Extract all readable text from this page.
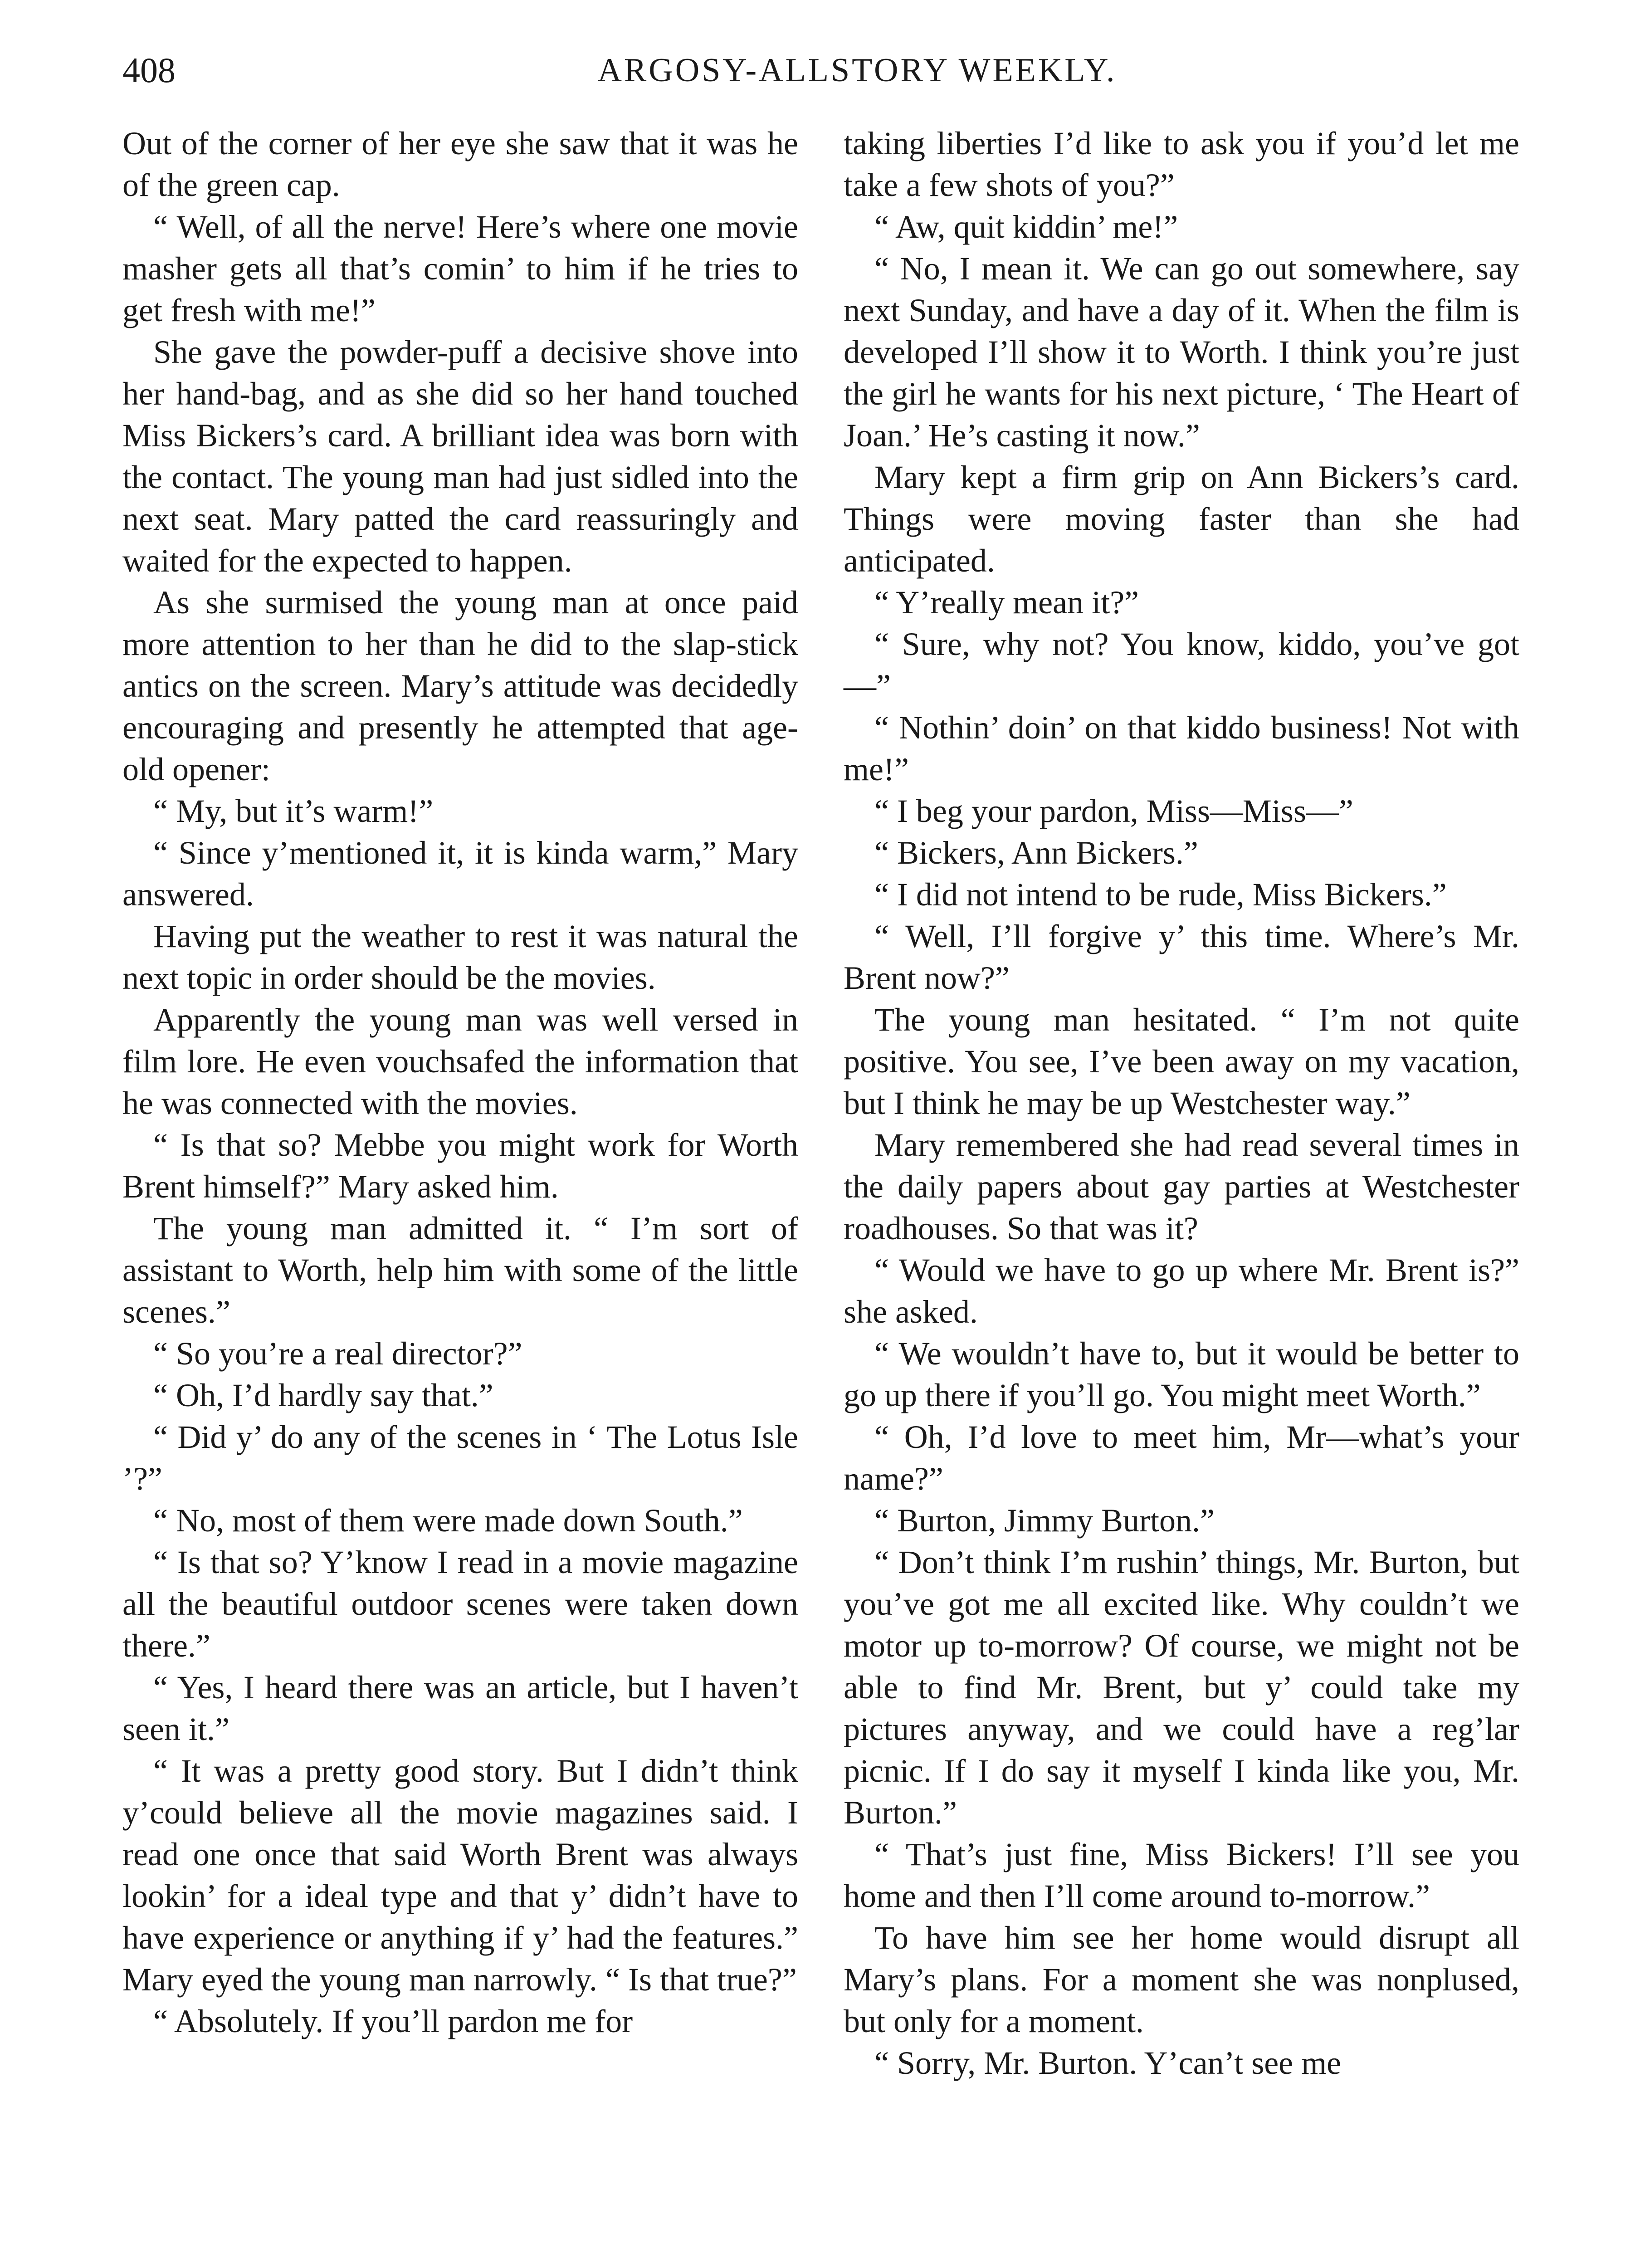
408	ARGOSY-ALLSTORY WEEKLY.

Out of the corner of her eye she saw that it was he of the green cap.

“ Well, of all the nerve! Here’s where one movie masher gets all that’s comin’ to him if he tries to get fresh with me!”

She gave the powder-puff a decisive shove into her hand-bag, and as she did so her hand touched Miss Bickers’s card. A brilliant idea was born with the contact. The young man had just sidled into the next seat. Mary patted the card reassuringly and waited for the expected to happen.

As she surmised the young man at once paid more attention to her than he did to the slap-stick antics on the screen. Mary’s attitude was decidedly encouraging and presently he attempted that age-old opener:

“ My, but it’s warm!”

“ Since y’mentioned it, it is kinda warm,” Mary answered.

Having put the weather to rest it was natural the next topic in order should be the movies.

Apparently the young man was well versed in film lore. He even vouchsafed the information that he was connected with the movies.

“ Is that so? Mebbe you might work for Worth Brent himself?” Mary asked him.

The young man admitted it. “ I’m sort of assistant to Worth, help him with some of the little scenes.”

“ So you’re a real director?”

“ Oh, I’d hardly say that.”

“ Did y’ do any of the scenes in ‘ The Lotus Isle ’?”

“ No, most of them were made down South.”

“ Is that so? Y’know I read in a movie magazine all the beautiful outdoor scenes were taken down there.”

“ Yes, I heard there was an article, but I haven’t seen it.”

“ It was a pretty good story. But I didn’t think y’could believe all the movie magazines said. I read one once that said Worth Brent was always lookin’ for a ideal type and that y’ didn’t have to have experience or anything if y’ had the features.” Mary eyed the young man narrowly. “ Is that true?”

“ Absolutely. If you’ll pardon me for

taking liberties I’d like to ask you if you’d let me take a few shots of you?”

“ Aw, quit kiddin’ me!”

“ No, I mean it. We can go out somewhere, say next Sunday, and have a day of it. When the film is developed I’ll show it to Worth. I think you’re just the girl he wants for his next picture, ‘ The Heart of Joan.’ He’s casting it now.”

Mary kept a firm grip on Ann Bickers’s card. Things were moving faster than she had anticipated.

“ Y’really mean it?”

“ Sure, why not? You know, kiddo, you’ve got—”

“ Nothin’ doin’ on that kiddo business! Not with me!”

“ I beg your pardon, Miss—Miss—”

“ Bickers, Ann Bickers.”

“ I did not intend to be rude, Miss Bickers.”

“ Well, I’ll forgive y’ this time. Where’s Mr. Brent now?”

The young man hesitated. “ I’m not quite positive. You see, I’ve been away on my vacation, but I think he may be up Westchester way.”

Mary remembered she had read several times in the daily papers about gay parties at Westchester roadhouses. So that was it?

“ Would we have to go up where Mr. Brent is?” she asked.

“ We wouldn’t have to, but it would be better to go up there if you’ll go. You might meet Worth.”

“ Oh, I’d love to meet him, Mr—what’s your name?”

“ Burton, Jimmy Burton.”

“ Don’t think I’m rushin’ things, Mr. Burton, but you’ve got me all excited like. Why couldn’t we motor up to-morrow? Of course, we might not be able to find Mr. Brent, but y’ could take my pictures anyway, and we could have a reg’lar picnic. If I do say it myself I kinda like you, Mr. Burton.”

“ That’s just fine, Miss Bickers! I’ll see you home and then I’ll come around to-morrow.”

To have him see her home would disrupt all Mary’s plans. For a moment she was nonplused, but only for a moment.

“ Sorry, Mr. Burton. Y’can’t see me
